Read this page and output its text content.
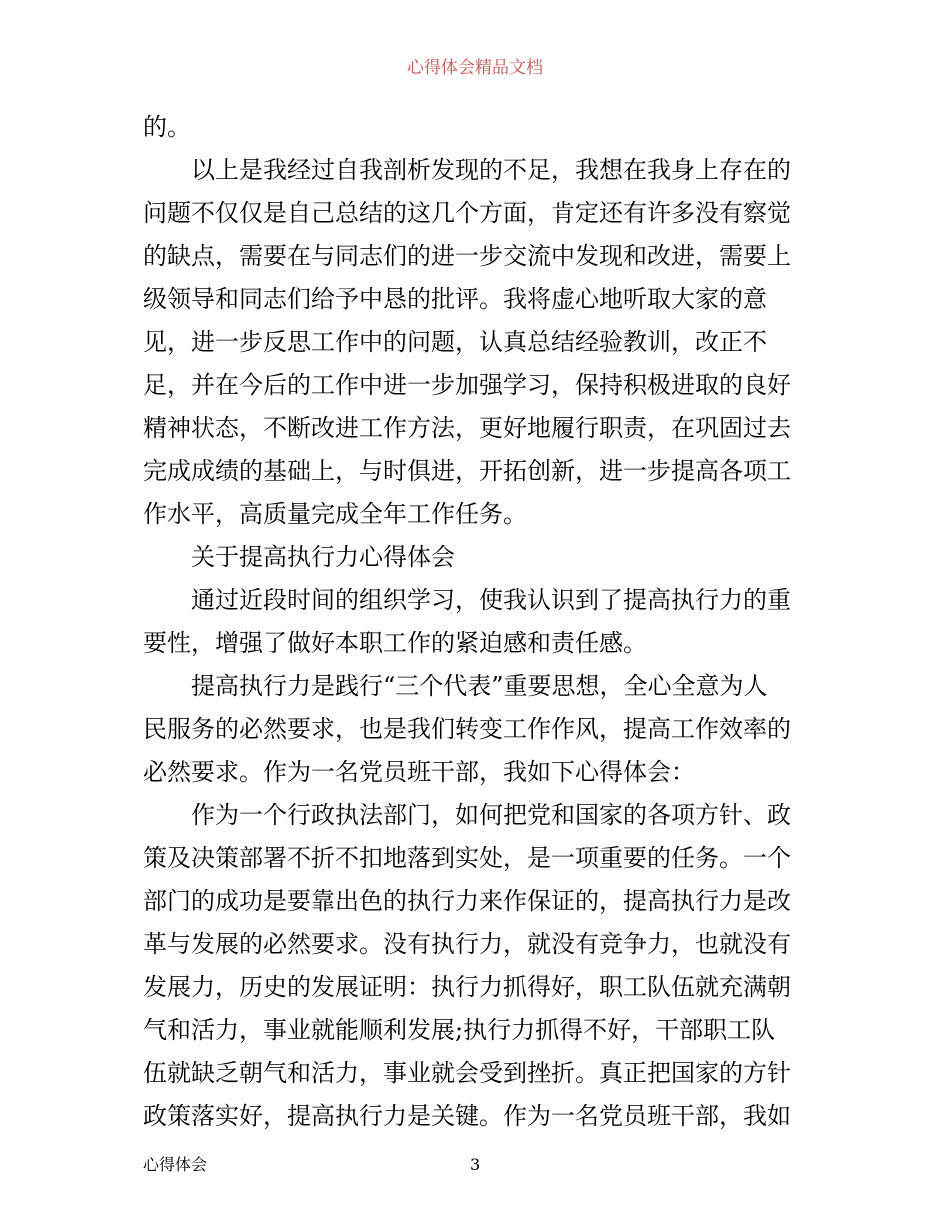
心得体会精品文档
的。
以上是我经过自我剖析发现的不足，我想在我身上存在的
问题不仅仅是自己总结的这几个方面，肯定还有许多没有察觉
的缺点，需要在与同志们的进一步交流中发现和改进，需要上
级领导和同志们给予中恳的批评。我将虚心地听取大家的意
见，进一步反思工作中的问题，认真总结经验教训，改正不
足，并在今后的工作中进一步加强学习，保持积极进取的良好
精神状态，不断改进工作方法，更好地履行职责，在巩固过去
完成成绩的基础上，与时俱进，开拓创新，进一步提高各项工
作水平，高质量完成全年工作任务。
关于提高执行力心得体会
通过近段时间的组织学习，使我认识到了提高执行力的重
要性，增强了做好本职工作的紧迫感和责任感。
提高执行力是践行“三个代表”重要思想，全心全意为人
民服务的必然要求，也是我们转变工作作风，提高工作效率的
必然要求。作为一名党员班干部，我如下心得体会：
作为一个行政执法部门，如何把党和国家的各项方针、政
策及决策部署不折不扣地落到实处，是一项重要的任务。一个
部门的成功是要靠出色的执行力来作保证的，提高执行力是改
革与发展的必然要求。没有执行力，就没有竞争力，也就没有
发展力，历史的发展证明：执行力抓得好，职工队伍就充满朝
气和活力，事业就能顺利发展;执行力抓得不好，干部职工队
伍就缺乏朝气和活力，事业就会受到挫折。真正把国家的方针
政策落实好，提高执行力是关键。作为一名党员班干部，我如
心得体会	3
